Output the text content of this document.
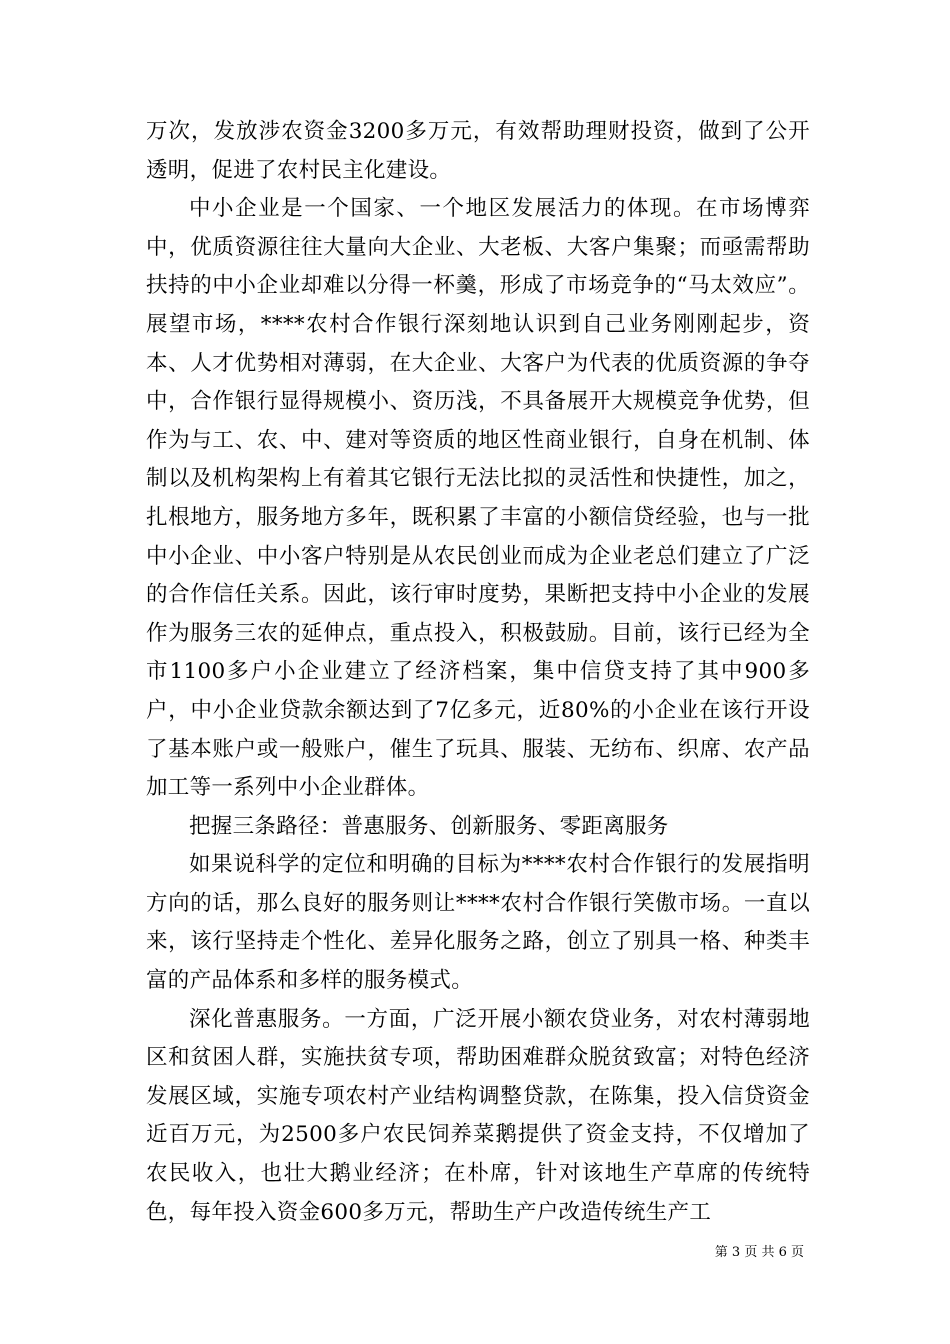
万次，发放涉农资金3200多万元，有效帮助理财投资，做到了公开透明，促进了农村民主化建设。

中小企业是一个国家、一个地区发展活力的体现。在市场博弈中，优质资源往往大量向大企业、大老板、大客户集聚；而亟需帮助扶持的中小企业却难以分得一杯羹，形成了市场竞争的“马太效应”。展望市场，****农村合作银行深刻地认识到自己业务刚刚起步，资本、人才优势相对薄弱，在大企业、大客户为代表的优质资源的争夺中，合作银行显得规模小、资历浅，不具备展开大规模竞争优势，但作为与工、农、中、建对等资质的地区性商业银行，自身在机制、体制以及机构架构上有着其它银行无法比拟的灵活性和快捷性，加之，扎根地方，服务地方多年，既积累了丰富的小额信贷经验，也与一批中小企业、中小客户特别是从农民创业而成为企业老总们建立了广泛的合作信任关系。因此，该行审时度势，果断把支持中小企业的发展作为服务三农的延伸点，重点投入，积极鼓励。目前，该行已经为全市1100多户小企业建立了经济档案，集中信贷支持了其中900多户，中小企业贷款余额达到了7亿多元，近80%的小企业在该行开设了基本账户或一般账户，催生了玩具、服装、无纺布、织席、农产品加工等一系列中小企业群体。

把握三条路径：普惠服务、创新服务、零距离服务

如果说科学的定位和明确的目标为****农村合作银行的发展指明方向的话，那么良好的服务则让****农村合作银行笑傲市场。一直以来，该行坚持走个性化、差异化服务之路，创立了别具一格、种类丰富的产品体系和多样的服务模式。

深化普惠服务。一方面，广泛开展小额农贷业务，对农村薄弱地区和贫困人群，实施扶贫专项，帮助困难群众脱贫致富；对特色经济发展区域，实施专项农村产业结构调整贷款，在陈集，投入信贷资金近百万元，为2500多户农民饲养菜鹅提供了资金支持，不仅增加了农民收入，也壮大鹅业经济；在朴席，针对该地生产草席的传统特色，每年投入资金600多万元，帮助生产户改造传统生产工

第 3 页 共 6 页
